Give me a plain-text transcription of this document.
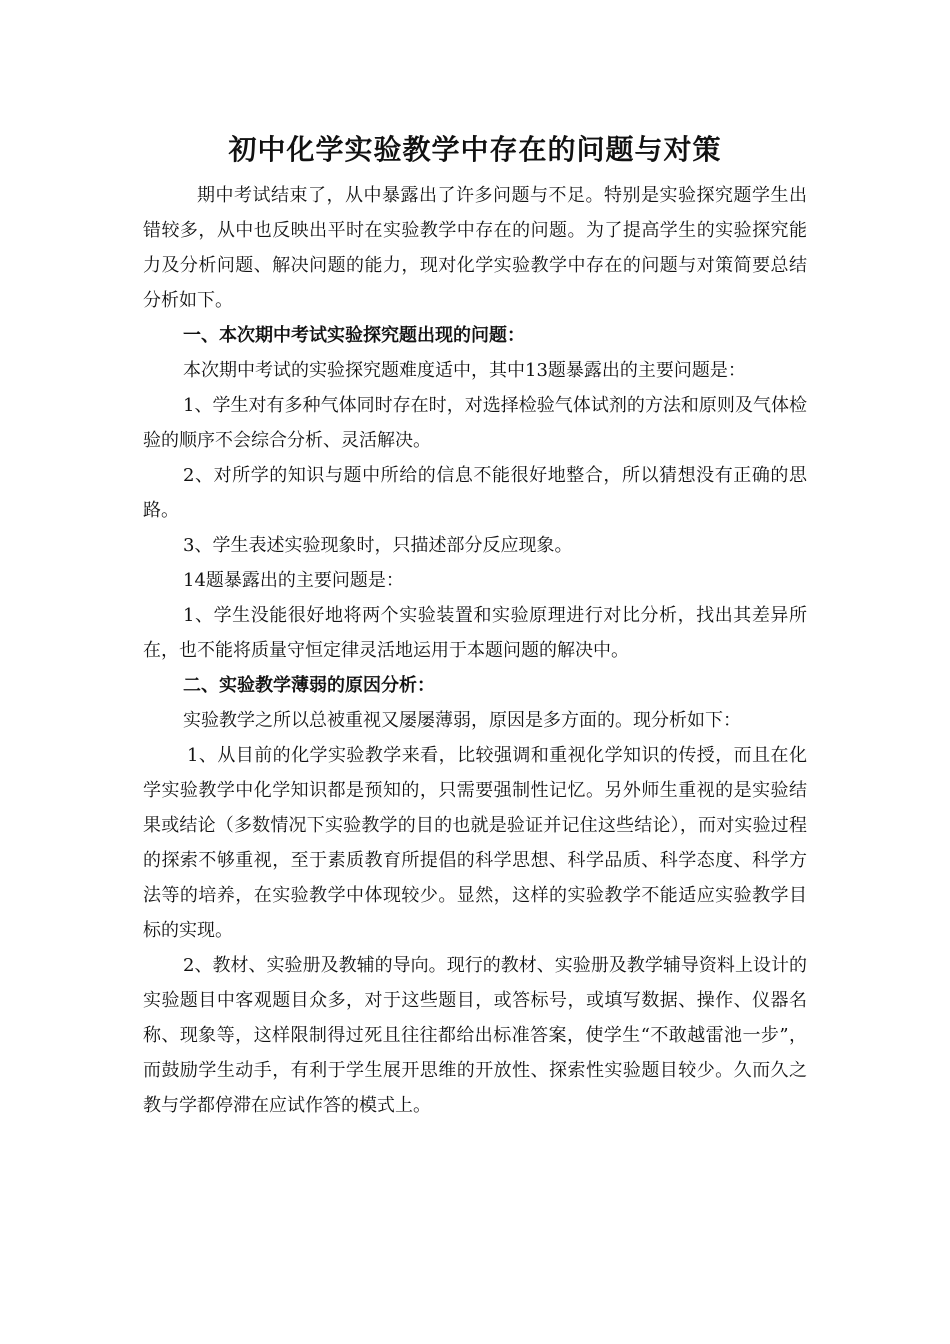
初中化学实验教学中存在的问题与对策

期中考试结束了，从中暴露出了许多问题与不足。特别是实验探究题学生出错较多，从中也反映出平时在实验教学中存在的问题。为了提高学生的实验探究能力及分析问题、解决问题的能力，现对化学实验教学中存在的问题与对策简要总结分析如下。

一、本次期中考试实验探究题出现的问题：

本次期中考试的实验探究题难度适中，其中13题暴露出的主要问题是：

1、学生对有多种气体同时存在时，对选择检验气体试剂的方法和原则及气体检验的顺序不会综合分析、灵活解决。

2、对所学的知识与题中所给的信息不能很好地整合，所以猜想没有正确的思路。

3、学生表述实验现象时，只描述部分反应现象。

14题暴露出的主要问题是：

1、学生没能很好地将两个实验装置和实验原理进行对比分析，找出其差异所在，也不能将质量守恒定律灵活地运用于本题问题的解决中。

二、实验教学薄弱的原因分析：

实验教学之所以总被重视又屡屡薄弱，原因是多方面的。现分析如下：

1、从目前的化学实验教学来看，比较强调和重视化学知识的传授，而且在化学实验教学中化学知识都是预知的，只需要强制性记忆。另外师生重视的是实验结果或结论（多数情况下实验教学的目的也就是验证并记住这些结论），而对实验过程的探索不够重视，至于素质教育所提倡的科学思想、科学品质、科学态度、科学方法等的培养，在实验教学中体现较少。显然，这样的实验教学不能适应实验教学目标的实现。

2、教材、实验册及教辅的导向。现行的教材、实验册及教学辅导资料上设计的实验题目中客观题目众多，对于这些题目，或答标号，或填写数据、操作、仪器名称、现象等，这样限制得过死且往往都给出标准答案，使学生“不敢越雷池一步”，而鼓励学生动手，有利于学生展开思维的开放性、探索性实验题目较少。久而久之教与学都停滞在应试作答的模式上。
